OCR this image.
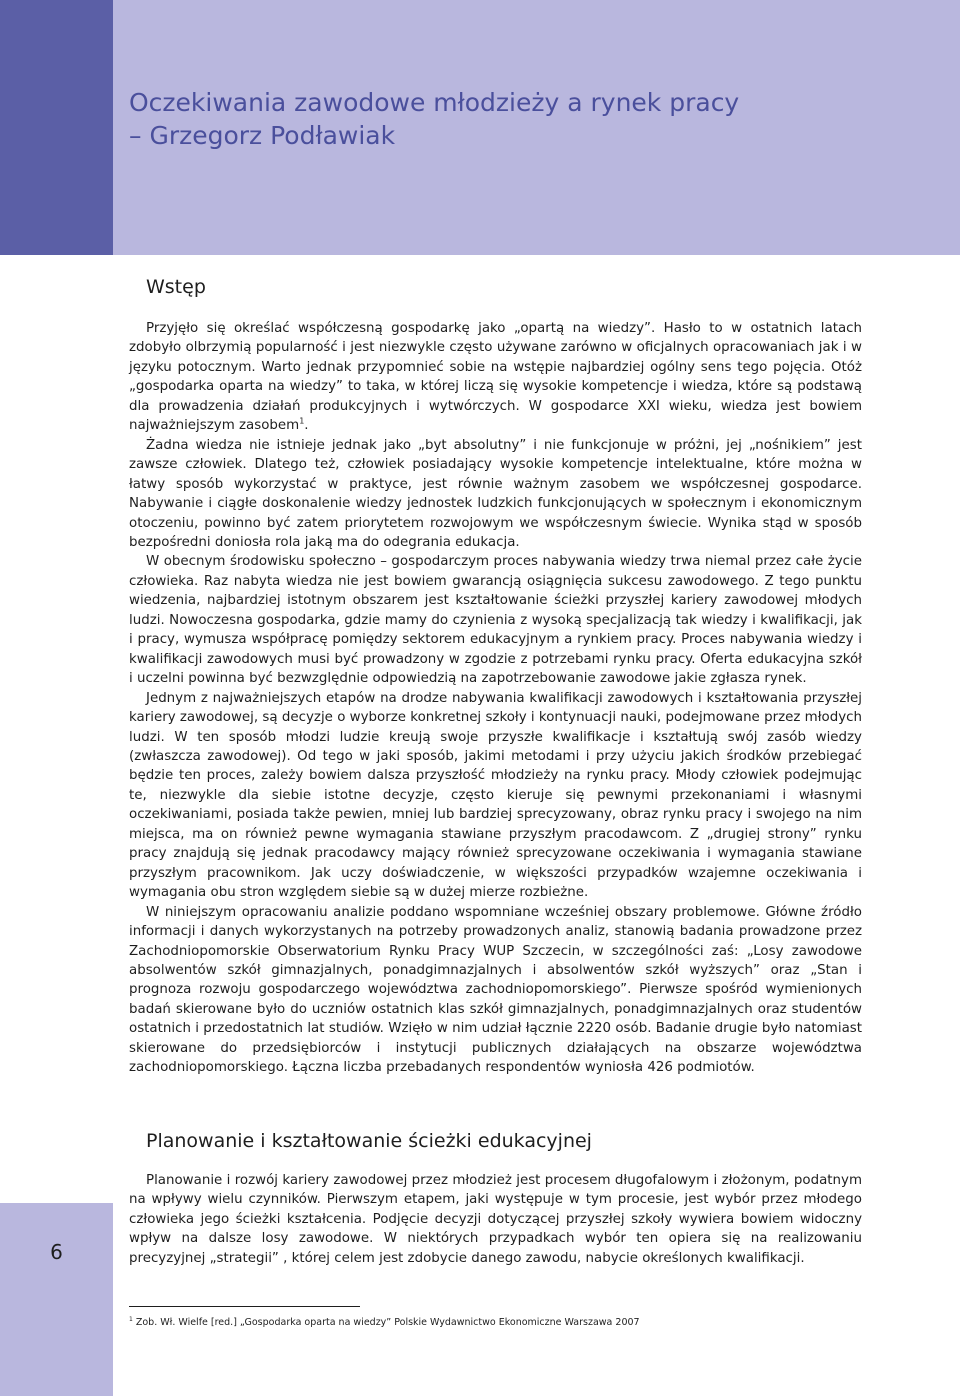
6
Oczekiwania zawodowe młodzieży a rynek pracy
– Grzegorz Podławiak
Wstęp

Przyjęło się określać współczesną gospodarkę jako „opartą na wiedzy”. Hasło to w ostatnich latach zdobyło olbrzymią popularność i jest niezwykle często używane zarówno w oficjalnych opracowaniach jak i w języku potocznym. Warto jednak przypomnieć sobie na wstępie najbardziej ogólny sens tego pojęcia. Otóż „gospodarka oparta na wiedzy” to taka, w której liczą się wysokie kompetencje i wiedza, które są podstawą dla prowadzenia działań produkcyjnych i wytwórczych. W gospodarce XXI wieku, wiedza jest bowiem najważniejszym zasobem$^1$.

Żadna wiedza nie istnieje jednak jako „byt absolutny” i nie funkcjonuje w próżni, jej „nośnikiem” jest zawsze człowiek. Dlatego też, człowiek posiadający wysokie kompetencje intelektualne, które można w łatwy sposób wykorzystać w praktyce, jest równie ważnym zasobem we współczesnej gospodarce. Nabywanie i ciągłe doskonalenie wiedzy jednostek ludzkich funkcjonujących w społecznym i ekonomicznym otoczeniu, powinno być zatem priorytetem rozwojowym we współczesnym świecie. Wynika stąd w sposób bezpośredni doniosła rola jaką ma do odegrania edukacja.

W obecnym środowisku społeczno – gospodarczym proces nabywania wiedzy trwa niemal przez całe życie człowieka. Raz nabyta wiedza nie jest bowiem gwarancją osiągnięcia sukcesu zawodowego. Z tego punktu wiedzenia, najbardziej istotnym obszarem jest kształtowanie ścieżki przyszłej kariery zawodowej młodych ludzi. Nowoczesna gospodarka, gdzie mamy do czynienia z wysoką specjalizacją tak wiedzy i kwalifikacji, jak i pracy, wymusza współpracę pomiędzy sektorem edukacyjnym a rynkiem pracy. Proces nabywania wiedzy i kwalifikacji zawodowych musi być prowadzony w zgodzie z potrzebami rynku pracy. Oferta edukacyjna szkół i uczelni powinna być bezwzględnie odpowiedzią na zapotrzebowanie zawodowe jakie zgłasza rynek.

Jednym z najważniejszych etapów na drodze nabywania kwalifikacji zawodowych i kształtowania przyszłej kariery zawodowej, są decyzje o wyborze konkretnej szkoły i kontynuacji nauki, podejmowane przez młodych ludzi. W ten sposób młodzi ludzie kreują swoje przyszłe kwalifikacje i kształtują swój zasób wiedzy (zwłaszcza zawodowej). Od tego w jaki sposób, jakimi metodami i przy użyciu jakich środków przebiegać będzie ten proces, zależy bowiem dalsza przyszłość młodzieży na rynku pracy. Młody człowiek podejmując te, niezwykle dla siebie istotne decyzje, często kieruje się pewnymi przekonaniami i własnymi oczekiwaniami, posiada także pewien, mniej lub bardziej sprecyzowany, obraz rynku pracy i swojego na nim miejsca, ma on również pewne wymagania stawiane przyszłym pracodawcom. Z „drugiej strony” rynku pracy znajdują się jednak pracodawcy mający również sprecyzowane oczekiwania i wymagania stawiane przyszłym pracownikom. Jak uczy doświadczenie, w większości przypadków wzajemne oczekiwania i wymagania obu stron względem siebie są w dużej mierze rozbieżne.

W niniejszym opracowaniu analizie poddano wspomniane wcześniej obszary problemowe. Główne źródło informacji i danych wykorzystanych na potrzeby prowadzonych analiz, stanowią badania prowadzone przez Zachodniopomorskie Obserwatorium Rynku Pracy WUP Szczecin, w szczególności zaś: „Losy zawodowe absolwentów szkół gimnazjalnych, ponadgimnazjalnych i absolwentów szkół wyższych” oraz „Stan i prognoza rozwoju gospodarczego województwa zachodniopomorskiego”. Pierwsze spośród wymienionych badań skierowane było do uczniów ostatnich klas szkół gimnazjalnych, ponadgimnazjalnych oraz studentów ostatnich i przedostatnich lat studiów. Wzięło w nim udział łącznie 2220 osób. Badanie drugie było natomiast skierowane do przedsiębiorców i instytucji publicznych działających na obszarze województwa zachodniopomorskiego. Łączna liczba przebadanych respondentów wyniosła 426 podmiotów.

Planowanie i kształtowanie ścieżki edukacyjnej

Planowanie i rozwój kariery zawodowej przez młodzież jest procesem długofalowym i złożonym, podatnym na wpływy wielu czynników. Pierwszym etapem, jaki występuje w tym procesie, jest wybór przez młodego człowieka jego ścieżki kształcenia. Podjęcie decyzji dotyczącej przyszłej szkoły wywiera bowiem widoczny wpływ na dalsze losy zawodowe. W niektórych przypadkach wybór ten opiera się na realizowaniu precyzyjnej „strategii” , której celem jest zdobycie danego zawodu, nabycie określonych kwalifikacji.

$^1$ Zob. Wł. Wielfe [red.] „Gospodarka oparta na wiedzy” Polskie Wydawnictwo Ekonomiczne Warszawa 2007
